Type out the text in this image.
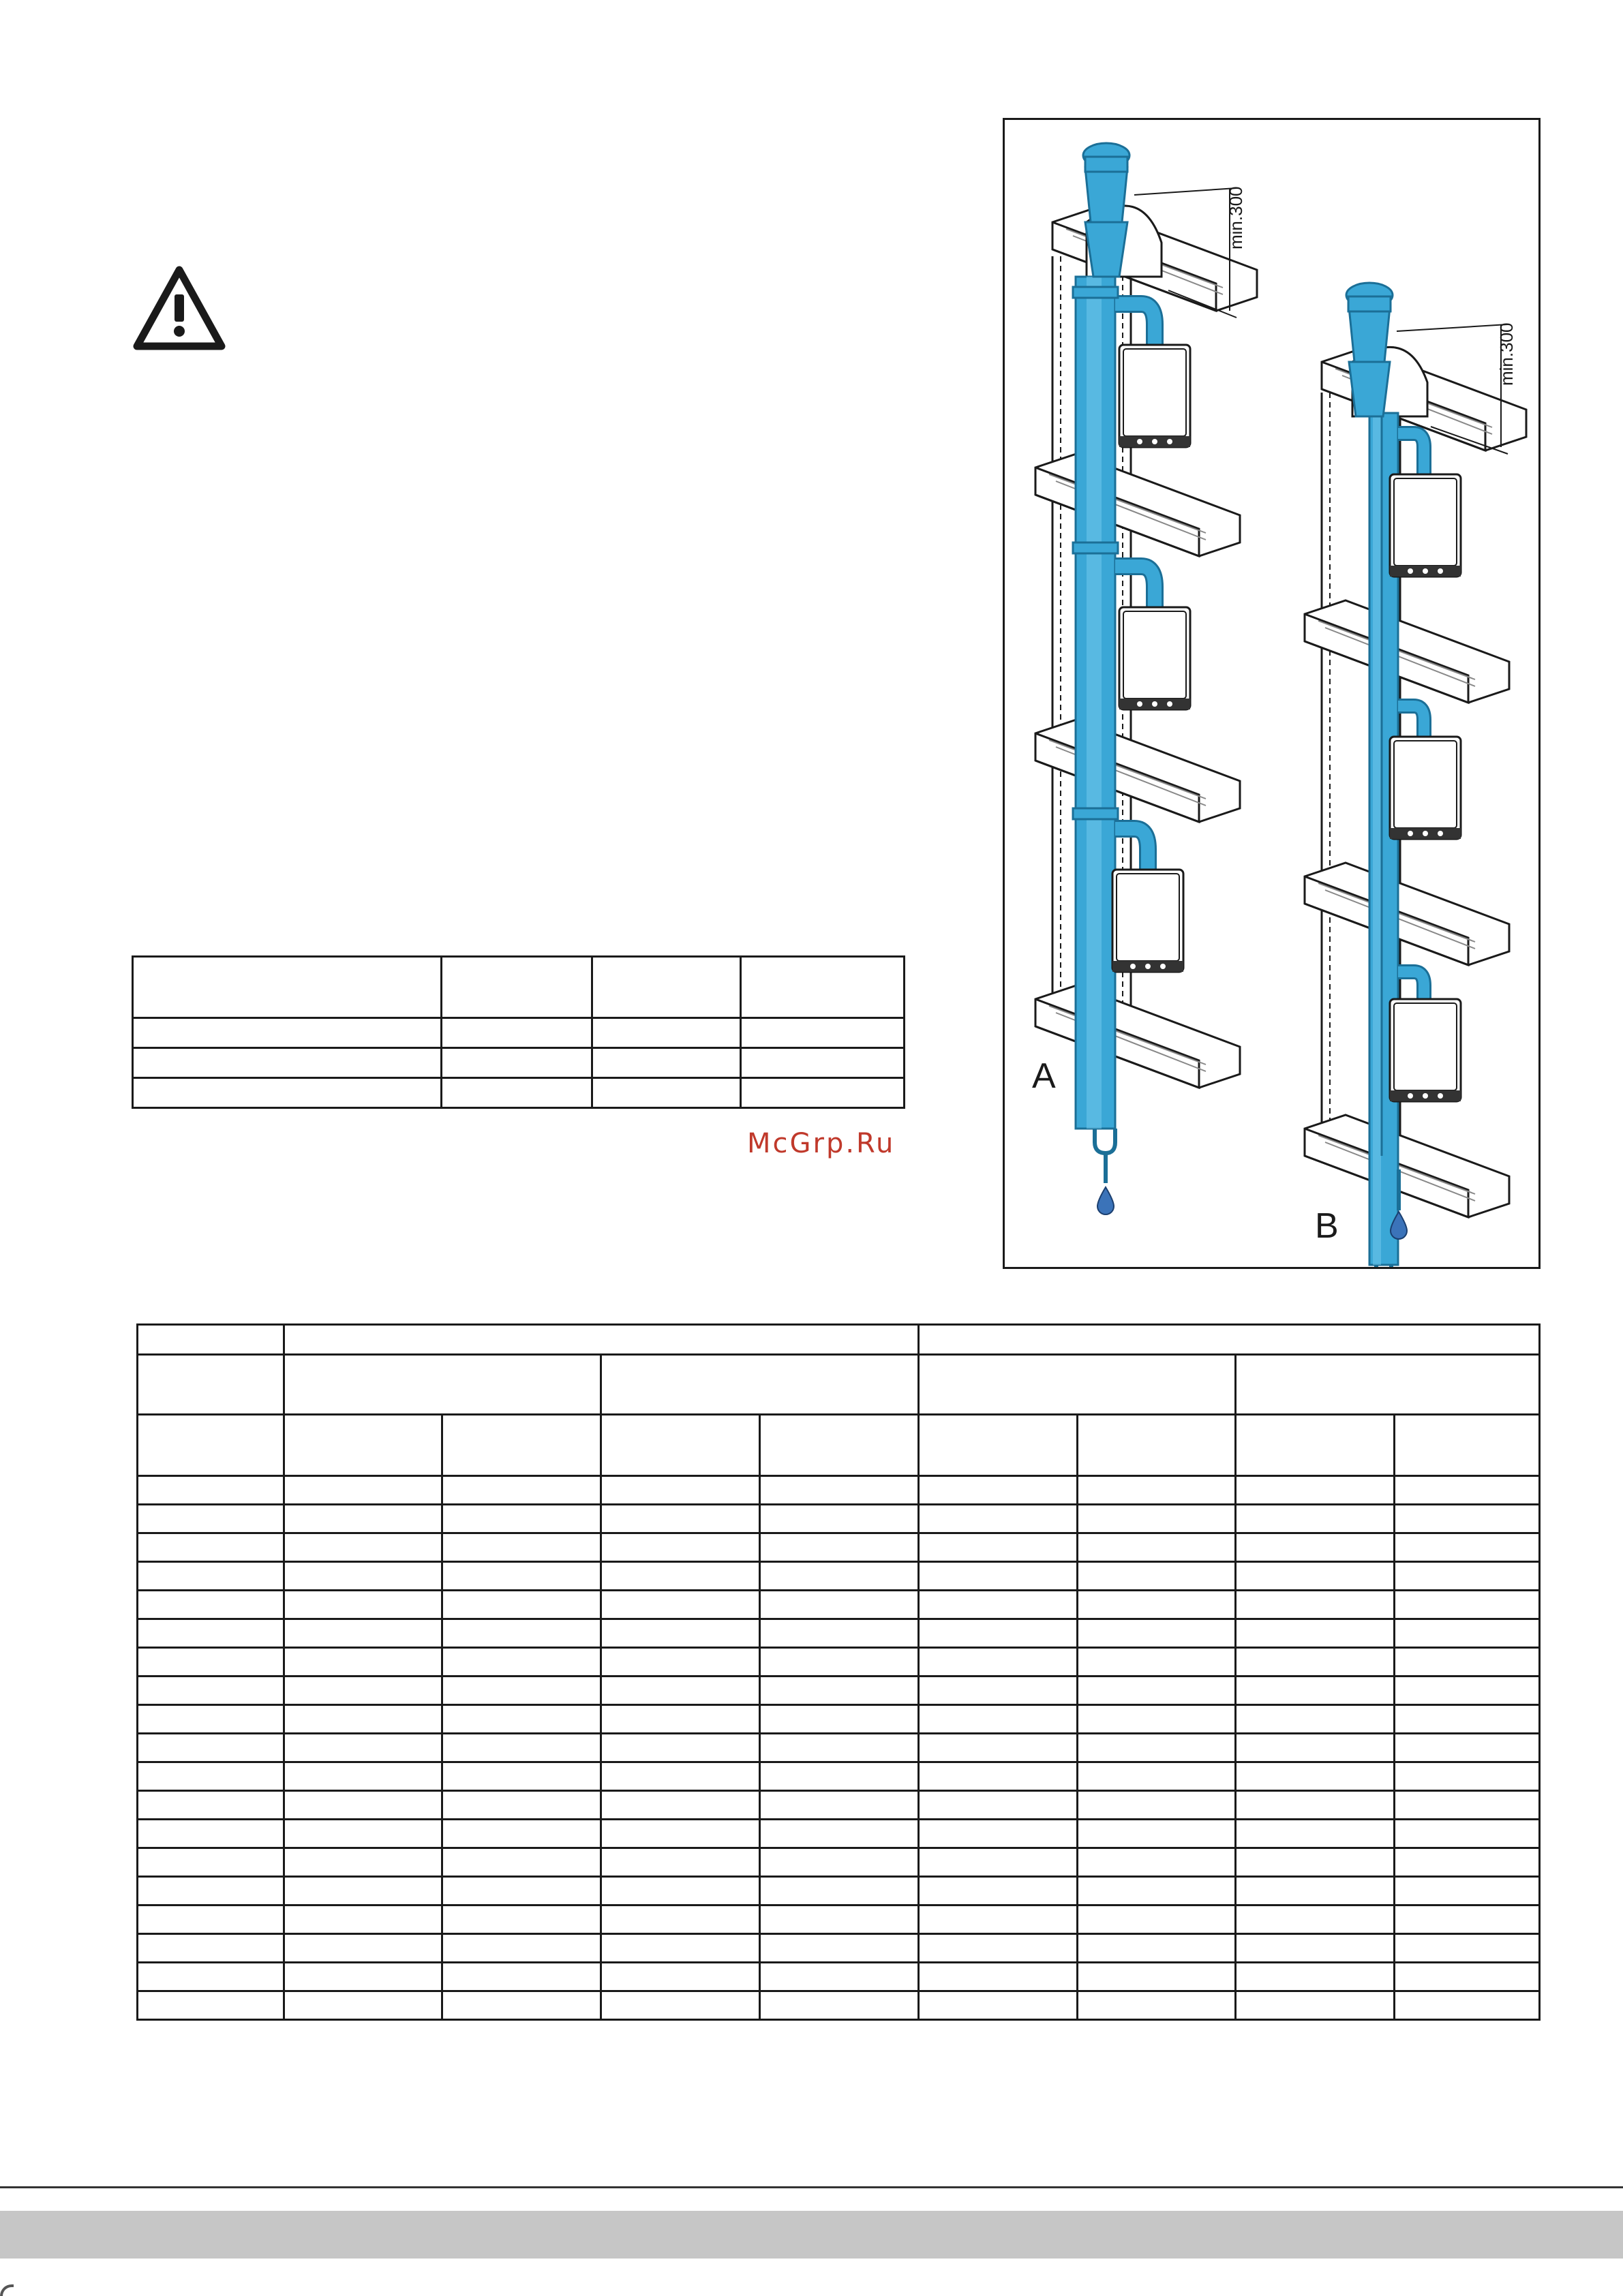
McGrp.Ru
min.300
A
min.300
B
